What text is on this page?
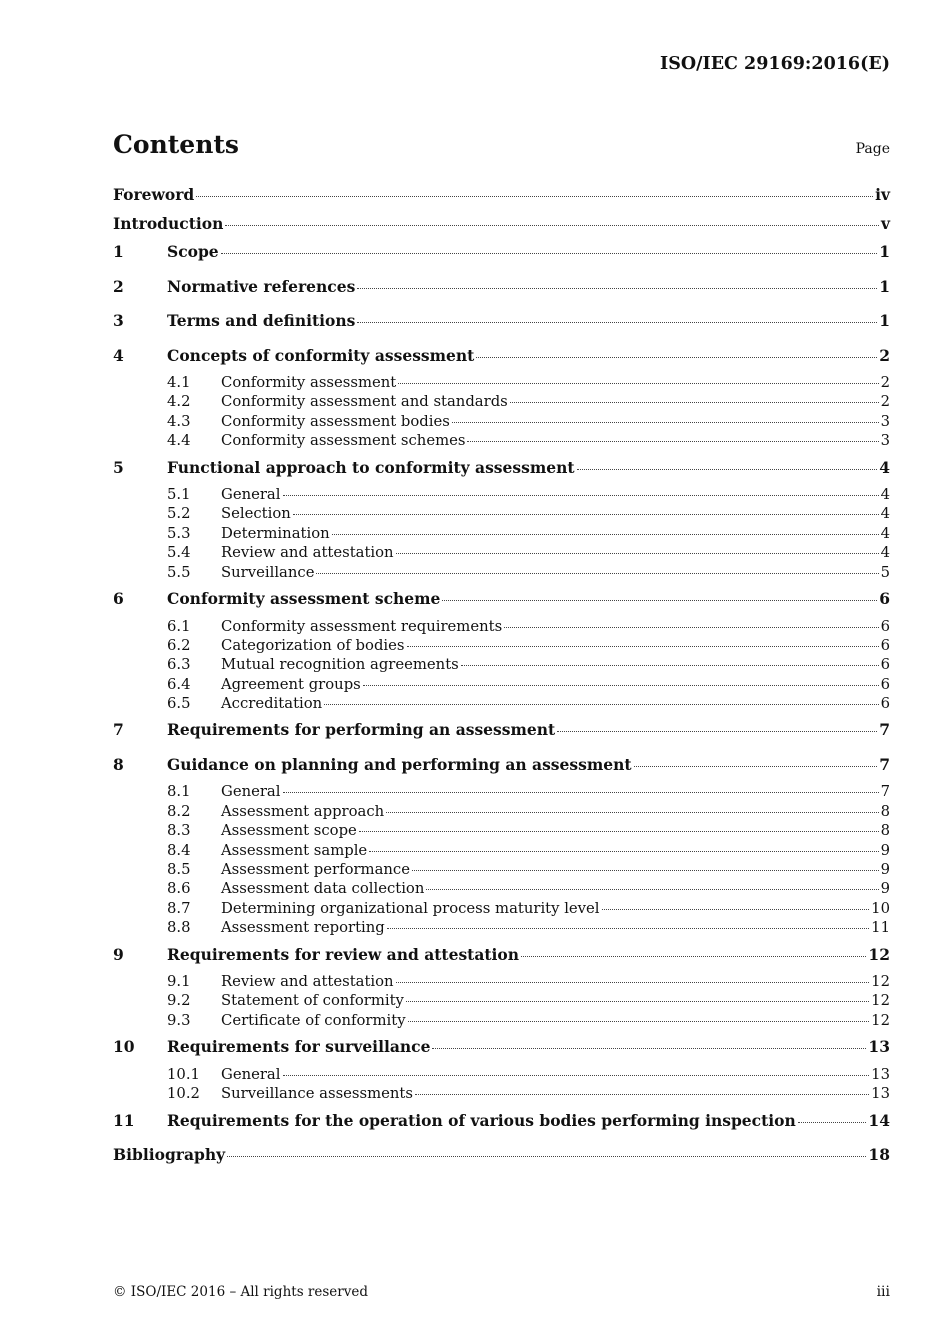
ISO/IEC 29169:2016(E)
Contents	Page
Foreword	iv
Introduction	v
1	Scope	1
2	Normative references	1
3	Terms and definitions	1
4	Concepts of conformity assessment	2
4.1	Conformity assessment	2
4.2	Conformity assessment and standards	2
4.3	Conformity assessment bodies	3
4.4	Conformity assessment schemes	3
5	Functional approach to conformity assessment	4
5.1	General	4
5.2	Selection	4
5.3	Determination	4
5.4	Review and attestation	4
5.5	Surveillance	5
6	Conformity assessment scheme	6
6.1	Conformity assessment requirements	6
6.2	Categorization of bodies	6
6.3	Mutual recognition agreements	6
6.4	Agreement groups	6
6.5	Accreditation	6
7	Requirements for performing an assessment	7
8	Guidance on planning and performing an assessment	7
8.1	General	7
8.2	Assessment approach	8
8.3	Assessment scope	8
8.4	Assessment sample	9
8.5	Assessment performance	9
8.6	Assessment data collection	9
8.7	Determining organizational process maturity level	10
8.8	Assessment reporting	11
9	Requirements for review and attestation	12
9.1	Review and attestation	12
9.2	Statement of conformity	12
9.3	Certificate of conformity	12
10	Requirements for surveillance	13
10.1	General	13
10.2	Surveillance assessments	13
11	Requirements for the operation of various bodies performing inspection	14
Bibliography	18
© ISO/IEC 2016 – All rights reserved	iii
